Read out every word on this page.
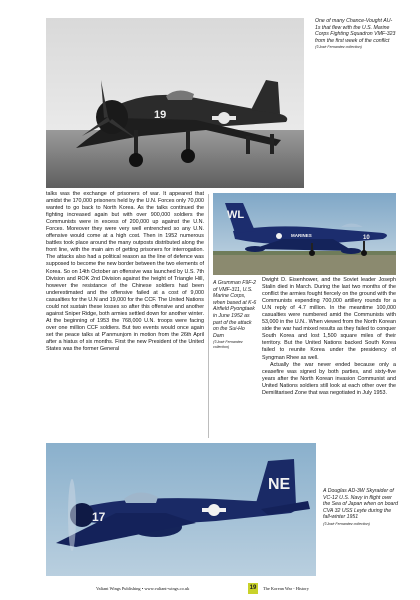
19
One of many Chance-Vought AU-1s that flew with the U.S. Marine Corps Fighting Squadron VMF-323 from the first week of the conflict
(©José Fernandez collection)
WL
MARINES	10
A Grumman F9F-2 of VMF-311, U.S. Marine Corps, when based at K-6 Airfield Pyongtaek in June 1952 as part of the attack on the Sui-Ho Dam
(©José Fernandez collection)

talks was the exchange of prisoners of war. It appeared that amidst the 170,000 prisoners held by the U.N. Forces only 70,000 wanted to go back to North Korea. As the talks continued the fighting increased again but with over 900,000 soldiers the Communists were in excess of 200,000 up against the U.N. Forces. Moreover they were very well entrenched so any U.N. offensive would come at a high cost. Then in 1952 numerous battles took place around the many outposts distributed along the front line, with the main aim of getting prisoners for interrogation. The attacks also had a political reason as the line of defence was supposed to become the new border between the two elements of Korea. So on 14th October an offensive was launched by U.S. 7th Division and ROK 2nd Division against the height of Triangle Hill, however the resistance of the Chinese soldiers had been underestimated and the offensive failed at a cost of 9,000 casualties for the U.N and 19,000 for the CCF. The United Nations could not sustain these losses so after this offensive and another against Sniper Ridge, both armies settled down for another winter. At the beginning of 1953 the 768,000 U.N. troops were facing over one million CCF soldiers. But two events would once again set the peace talks at P'anmunjom in motion from the 26th April after a hiatus of six months. First the new President of the United States was the former General

Dwight D. Eisenhower, and the Soviet leader Joseph Stalin died in March. During the last two months of the conflict the armies fought fiercely on the ground with the Communists expending 700,000 artillery rounds for a U.N reply of 4.7 million. In the meantime 100,000 casualties were numbered amid the Communists with 53,000 in the U.N.. When viewed from the North Korean side the war had mixed results as they failed to conquer South Korea and lost 1,500 square miles of their territory. But the United Nations backed South Korea failed to reunite Korea under the presidency of Syngman Rhee as well.

Actually the war never ended because only a ceasefire was signed by both parties, and sixty-five years after the North Korean invasion Communist and United Nations soldiers still look at each other over the Demilitarised Zone that was negotiated in July 1953.

NE
17
A Douglas AD-3W Skyraider of VC-12 U.S. Navy in flight over the Sea of Japan when on board CVA 32 USS Leyte during the fall-winter 1951
(©José Fernandez collection)
Valiant Wings Publishing • www.valiant-wings.co.uk	19	The Korean War - History
